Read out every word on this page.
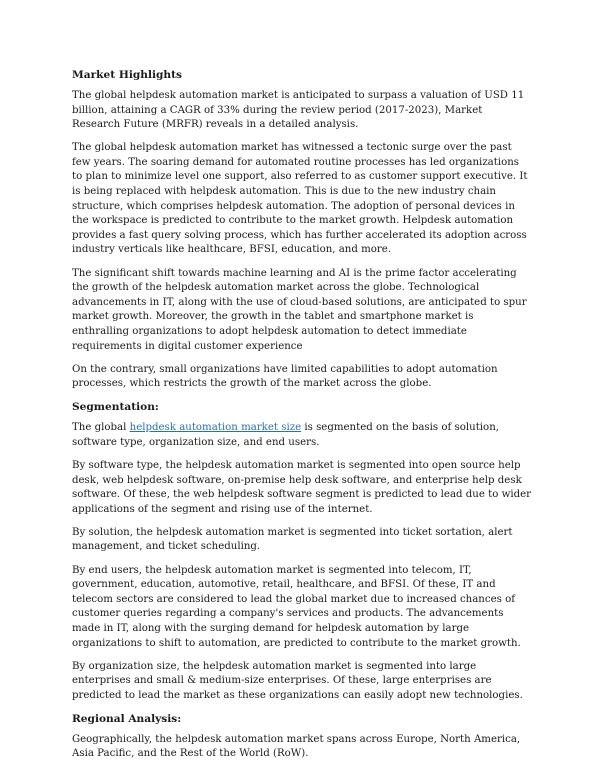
Market Highlights

The global helpdesk automation market is anticipated to surpass a valuation of USD 11 billion, attaining a CAGR of 33% during the review period (2017-2023), Market Research Future (MRFR) reveals in a detailed analysis.

The global helpdesk automation market has witnessed a tectonic surge over the past few years. The soaring demand for automated routine processes has led organizations to plan to minimize level one support, also referred to as customer support executive. It is being replaced with helpdesk automation. This is due to the new industry chain structure, which comprises helpdesk automation. The adoption of personal devices in the workspace is predicted to contribute to the market growth. Helpdesk automation provides a fast query solving process, which has further accelerated its adoption across industry verticals like healthcare, BFSI, education, and more.

The significant shift towards machine learning and AI is the prime factor accelerating the growth of the helpdesk automation market across the globe. Technological advancements in IT, along with the use of cloud-based solutions, are anticipated to spur market growth. Moreover, the growth in the tablet and smartphone market is enthralling organizations to adopt helpdesk automation to detect immediate requirements in digital customer experience

On the contrary, small organizations have limited capabilities to adopt automation processes, which restricts the growth of the market across the globe.

Segmentation:

The global helpdesk automation market size is segmented on the basis of solution, software type, organization size, and end users.

By software type, the helpdesk automation market is segmented into open source help desk, web helpdesk software, on-premise help desk software, and enterprise help desk software. Of these, the web helpdesk software segment is predicted to lead due to wider applications of the segment and rising use of the internet.

By solution, the helpdesk automation market is segmented into ticket sortation, alert management, and ticket scheduling.

By end users, the helpdesk automation market is segmented into telecom, IT, government, education, automotive, retail, healthcare, and BFSI. Of these, IT and telecom sectors are considered to lead the global market due to increased chances of customer queries regarding a company's services and products. The advancements made in IT, along with the surging demand for helpdesk automation by large organizations to shift to automation, are predicted to contribute to the market growth.

By organization size, the helpdesk automation market is segmented into large enterprises and small & medium-size enterprises. Of these, large enterprises are predicted to lead the market as these organizations can easily adopt new technologies.

Regional Analysis:

Geographically, the helpdesk automation market spans across Europe, North America, Asia Pacific, and the Rest of the World (RoW).
